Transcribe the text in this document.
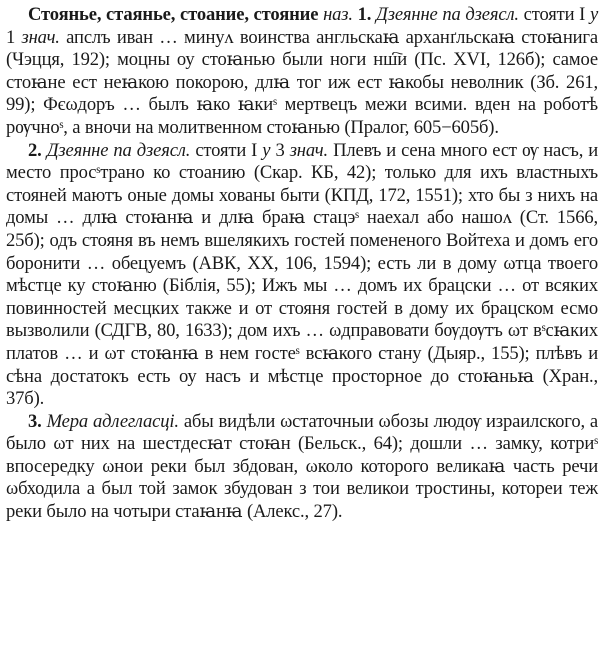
Стоянье, стаянье, стоание, стояние наз. 1. Дзеянне па дзеясл. стояти I у 1 знач. апслъ иван … минуʌ воинства англьскаꙗ арханґльскаꙗ стоꙗнига (Чэцця, 192); моцны оу стоꙗнью были ноги нш҇и (Пс. XVI, 126б); самое стоꙗне ест неꙗкою покорою, длꙗ тог иж ест ꙗкобы неволник (Зб. 261, 99); Фєωдоръ … былъ ꙗко ꙗкиˢ мертвецъ межи всими. вден на роботѣ рѹчноˢ, а вночи на молитвенном стоꙗнью (Пралог, 605−605б).

2. Дзеянне па дзеясл. стояти I у 3 знач. Плевъ и сена много ест ѹ насъ, и место просˢтрано ко стоанию (Скар. КБ, 42); только для ихъ властныхъ стояней маютъ оные домы хованы быти (КПД, 172, 1551); хто бы з нихъ на домы … длꙗ стоꙗнꙗ и длꙗ браꙗ стацэˢ наехал або нашоʌ (Ст. 1566, 25б); одъ стояня въ немъ вшелякихъ гостей помененого Войтеха и домъ его боронити … обецуемъ (АВК, XX, 106, 1594); есть ли в дому ωтца твоего мѣстце ку стоꙗню (Біблія, 55); Ижъ мы … домъ их брацски … от всяких повинностей месцких также и от стояня гостей в дому их брацском есмо вызволили (СДГВ, 80, 1633); дом ихъ … ωдправовати бѹдѹтъ ωт вˢсꙗких платов … и ωт стоꙗнꙗ в нем гостеˢ всꙗкого стану (Дыяр., 155); плѣвъ и сѣна достатокъ есть оу насъ и мѣстце просторное до стоꙗньꙗ (Хран., 37б).

3. Мера адлегласці. абы видѣли ωстаточныи ωбозы людѹ израилского, а было ωт них на шестдесꙗт стоꙗн (Бельск., 64); дошли … замку, котриˢ впосередку ωнои реки был збдован, ωколо которого великаꙗ часть речи ωбходила а был той замок збудован з тои великои тростины, котореи теж реки было на чотыри стаꙗнꙗ (Алекс., 27).
